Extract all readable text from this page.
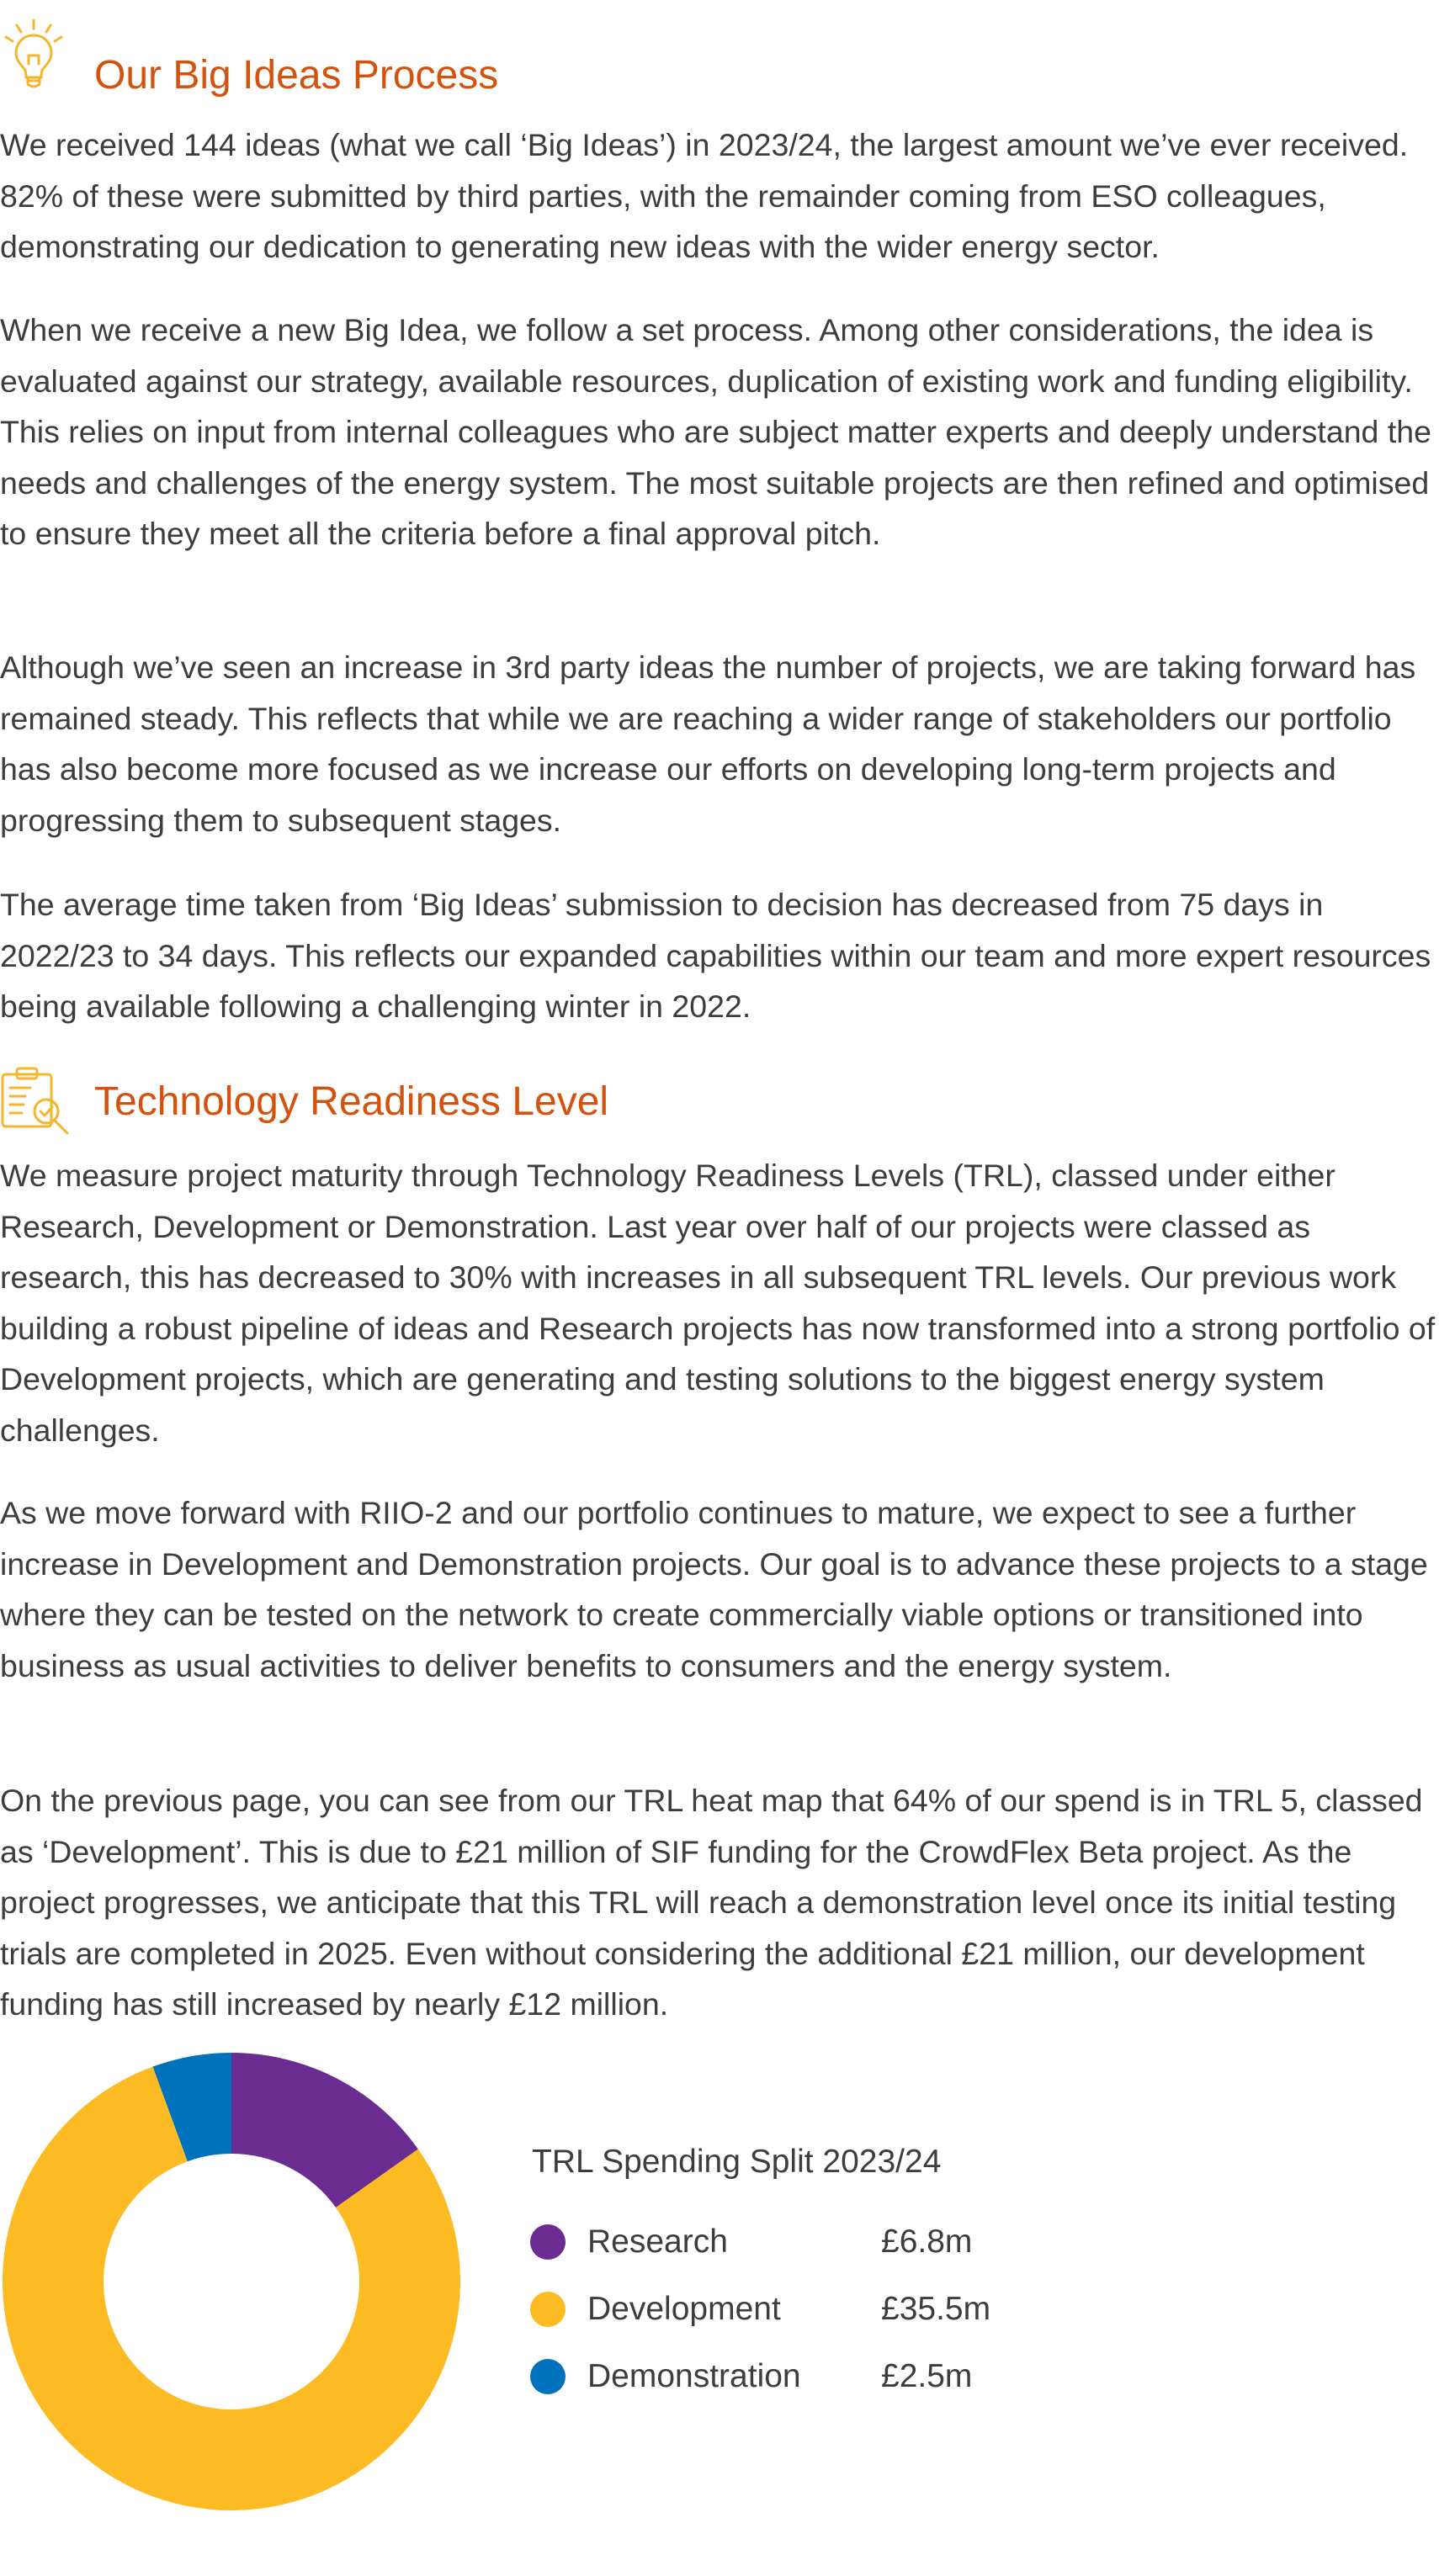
Our Big Ideas Process

We received 144 ideas (what we call ‘Big Ideas’) in 2023/24, the largest amount we’ve ever received. 82% of these were submitted by third parties, with the remainder coming from ESO colleagues, demonstrating our dedication to generating new ideas with the wider energy sector.

When we receive a new Big Idea, we follow a set process. Among other considerations, the idea is evaluated against our strategy, available resources, duplication of existing work and funding eligibility. This relies on input from internal colleagues who are subject matter experts and deeply understand the needs and challenges of the energy system. The most suitable projects are then refined and optimised to ensure they meet all the criteria before a final approval pitch.

Although we’ve seen an increase in 3rd party ideas the number of projects, we are taking forward has remained steady. This reflects that while we are reaching a wider range of stakeholders our portfolio has also become more focused as we increase our efforts on developing long-term projects and progressing them to subsequent stages.

The average time taken from ‘Big Ideas’ submission to decision has decreased from 75 days in 2022/23 to 34 days. This reflects our expanded capabilities within our team and more expert resources being available following a challenging winter in 2022.

Technology Readiness Level

We measure project maturity through Technology Readiness Levels (TRL), classed under either Research, Development or Demonstration. Last year over half of our projects were classed as research, this has decreased to 30% with increases in all subsequent TRL levels. Our previous work building a robust pipeline of ideas and Research projects has now transformed into a strong portfolio of Development projects, which are generating and testing solutions to the biggest energy system challenges.

As we move forward with RIIO-2 and our portfolio continues to mature, we expect to see a further increase in Development and Demonstration projects. Our goal is to advance these projects to a stage where they can be tested on the network to create commercially viable options or transitioned into business as usual activities to deliver benefits to consumers and the energy system.

On the previous page, you can see from our TRL heat map that 64% of our spend is in TRL 5, classed as ‘Development’. This is due to £21 million of SIF funding for the CrowdFlex Beta project. As the project progresses, we anticipate that this TRL will reach a demonstration level once its initial testing trials are completed in 2025. Even without considering the additional £21 million, our development funding has still increased by nearly £12 million.

TRL Spending Split 2023/24
Research	£6.8m
Development	£35.5m
Demonstration £2.5m
